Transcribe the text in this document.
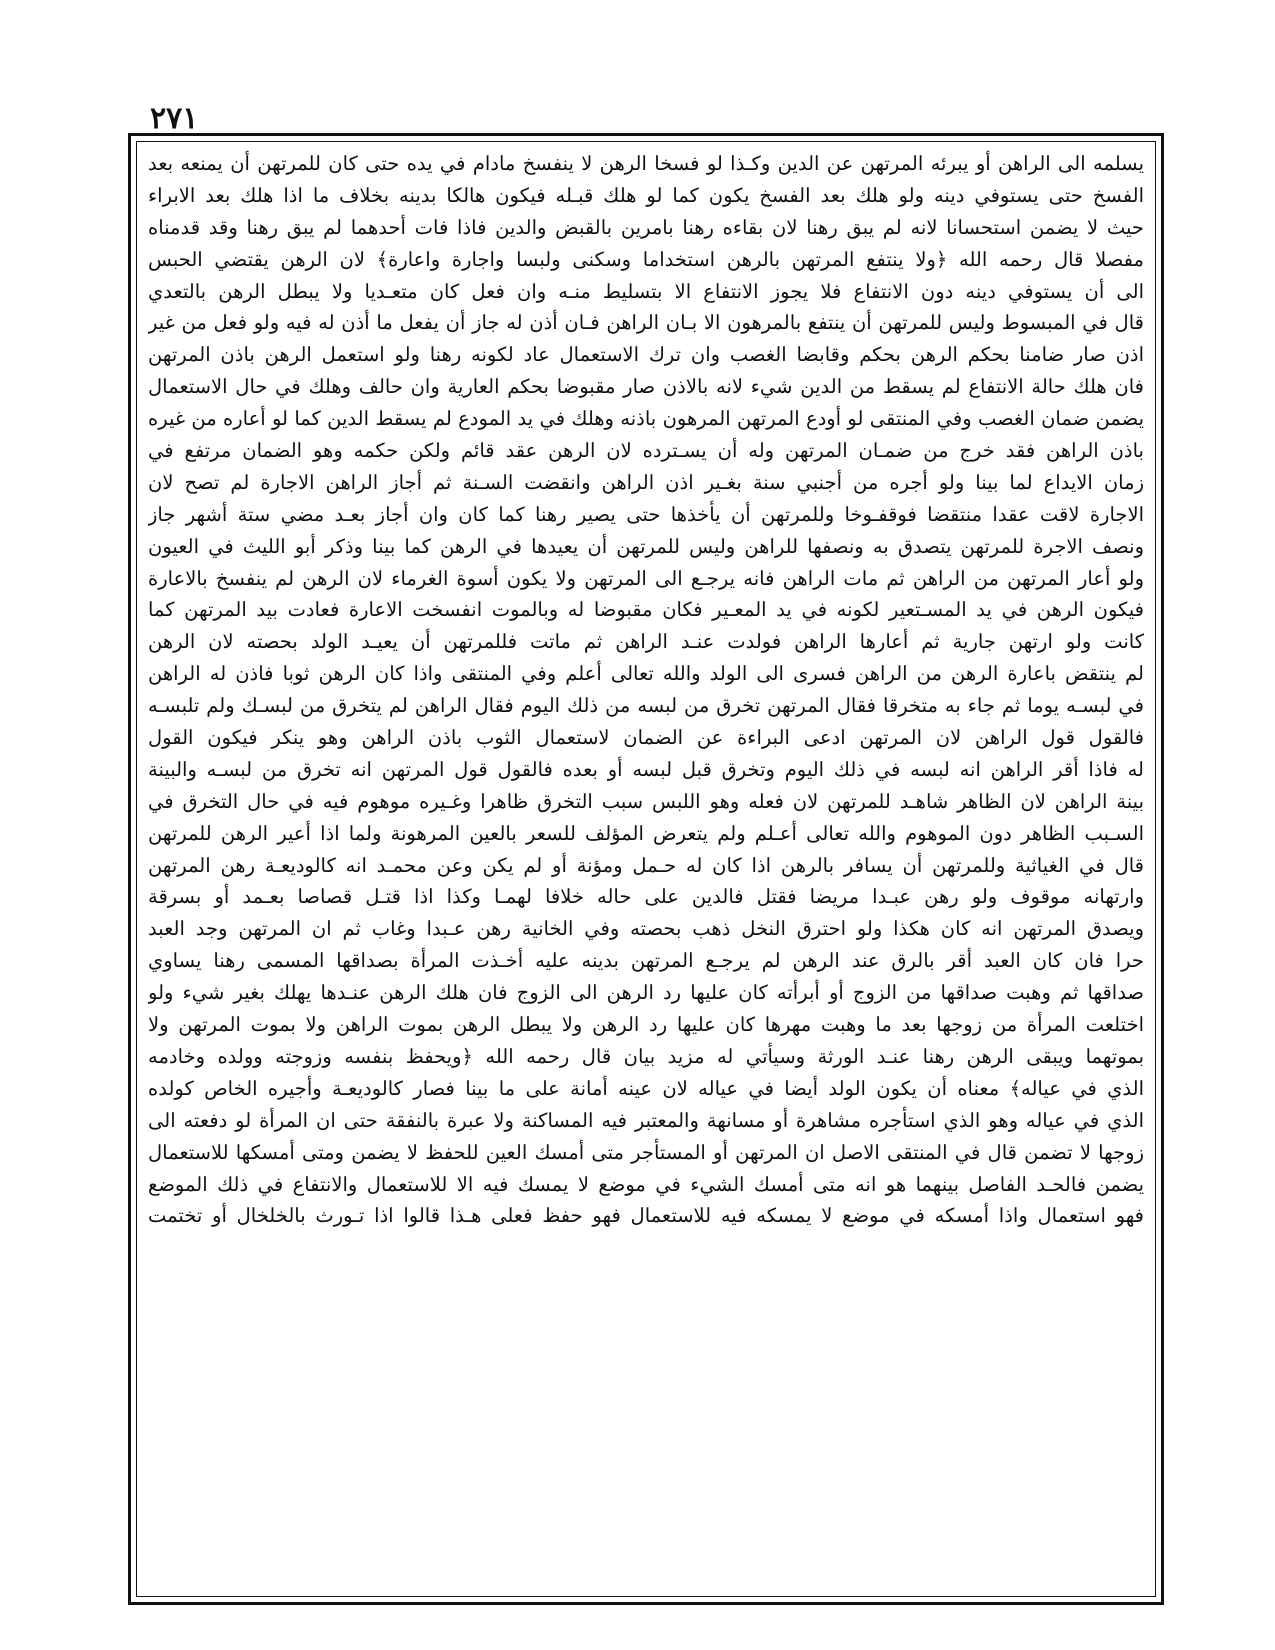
٢٧١
يسلمه الى الراهن أو يبرئه المرتهن عن الدين وكـذا لو فسخا الرهن لا ينفسخ مادام في يده حتى كان للمرتهن أن يمنعه بعد
الفسخ حتى يستوفي دينه ولو هلك بعد الفسخ يكون كما لو هلك قبـله فيكون هالكا بدينه بخلاف ما اذا هلك بعد الابراء
حيث لا يضمن استحسانا لانه لم يبق رهنا لان بقاءه رهنا بامرين بالقبض والدين فاذا فات أحدهما لم يبق رهنا وقد قدمناه
مفصلا قال رحمه الله ﴿ولا ينتفع المرتهن بالرهن استخداما وسكنى ولبسا واجارة واعارة﴾ لان الرهن يقتضي الحبس
الى أن يستوفي دينه دون الانتفاع فلا يجوز الانتفاع الا بتسليط منـه وان فعل كان متعـديا ولا يبطل الرهن بالتعدي
قال في المبسوط وليس للمرتهن أن ينتفع بالمرهون الا بـان الراهن فـان أذن له جاز أن يفعل ما أذن له فيه ولو فعل من غير
اذن صار ضامنا بحكم الرهن بحكم وقابضا الغصب وان ترك الاستعمال عاد لكونه رهنا ولو استعمل الرهن باذن المرتهن
فان هلك حالة الانتفاع لم يسقط من الدين شيء لانه بالاذن صار مقبوضا بحكم العارية وان حالف وهلك في حال الاستعمال
يضمن ضمان الغصب وفي المنتقى لو أودع المرتهن المرهون باذنه وهلك في يد المودع لم يسقط الدين كما لو أعاره من غيره
باذن الراهن فقد خرج من ضمـان المرتهن وله أن يسـترده لان الرهن عقد قائم ولكن حكمه وهو الضمان مرتفع في
زمان الايداع لما بينا ولو أجره من أجنبي سنة بغـير اذن الراهن وانقضت السـنة ثم أجاز الراهن الاجارة لم تصح لان
الاجارة لاقت عقدا منتقضا فوقفـوخا وللمرتهن أن يأخذها حتى يصير رهنا كما كان وان أجاز بعـد مضي ستة أشهر جاز
ونصف الاجرة للمرتهن يتصدق به ونصفها للراهن وليس للمرتهن أن يعيدها في الرهن كما بينا وذكر أبو الليث في العيون
ولو أعار المرتهن من الراهن ثم مات الراهن فانه يرجـع الى المرتهن ولا يكون أسوة الغرماء لان الرهن لم ينفسخ بالاعارة
فيكون الرهن في يد المسـتعير لكونه في يد المعـير فكان مقبوضا له وبالموت انفسخت الاعارة فعادت بيد المرتهن كما
كانت ولو ارتهن جارية ثم أعارها الراهن فولدت عنـد الراهن ثم ماتت فللمرتهن أن يعيـد الولد بحصته لان الرهن
لم ينتقض باعارة الرهن من الراهن فسرى الى الولد والله تعالى أعلم وفي المنتقى واذا كان الرهن ثوبا فاذن له الراهن
في لبسـه يوما ثم جاء به متخرقا فقال المرتهن تخرق من لبسه من ذلك اليوم فقال الراهن لم يتخرق من لبسـك ولم تلبسـه
فالقول قول الراهن لان المرتهن ادعى البراءة عن الضمان لاستعمال الثوب باذن الراهن وهو ينكر فيكون القول
له فاذا أقر الراهن انه لبسه في ذلك اليوم وتخرق قبل لبسه أو بعده فالقول قول المرتهن انه تخرق من لبسـه والبينة
بينة الراهن لان الظاهر شاهـد للمرتهن لان فعله وهو اللبس سبب التخرق ظاهرا وغـيره موهوم فيه في حال التخرق في
السـبب الظاهر دون الموهوم والله تعالى أعـلم ولم يتعرض المؤلف للسعر بالعين المرهونة ولما اذا أعير الرهن للمرتهن
قال في الغياثية وللمرتهن أن يسافر بالرهن اذا كان له حـمل ومؤنة أو لم يكن وعن محمـد انه كالوديعـة رهن المرتهن
وارتهانه موقوف ولو رهن عبـدا مريضا فقتل فالدين على حاله خلافا لهمـا وكذا اذا قتـل قصاصا بعـمد أو بسرقة
ويصدق المرتهن انه كان هكذا ولو احترق النخل ذهب بحصته وفي الخانية رهن عـبدا وغاب ثم ان المرتهن وجد العبد
حرا فان كان العبد أقر بالرق عند الرهن لم يرجـع المرتهن بدينه عليه أخـذت المرأة بصداقها المسمى رهنا يساوي
صداقها ثم وهبت صداقها من الزوج أو أبرأته كان عليها رد الرهن الى الزوج فان هلك الرهن عنـدها يهلك بغير شيء ولو
اختلعت المرأة من زوجها بعد ما وهبت مهرها كان عليها رد الرهن ولا يبطل الرهن بموت الراهن ولا بموت المرتهن ولا
بموتهما ويبقى الرهن رهنا عنـد الورثة وسيأتي له مزيد بيان قال رحمه الله ﴿ويحفظ بنفسه وزوجته وولده وخادمه
الذي في عياله﴾ معناه أن يكون الولد أيضا في عياله لان عينه أمانة على ما بينا فصار كالوديعـة وأجيره الخاص كولده
الذي في عياله وهو الذي استأجره مشاهرة أو مسانهة والمعتبر فيه المساكنة ولا عبرة بالنفقة حتى ان المرأة لو دفعته الى
زوجها لا تضمن قال في المنتقى الاصل ان المرتهن أو المستأجر متى أمسك العين للحفظ لا يضمن ومتى أمسكها للاستعمال
يضمن فالحـد الفاصل بينهما هو انه متى أمسك الشيء في موضع لا يمسك فيه الا للاستعمال والانتفاع في ذلك الموضع
فهو استعمال واذا أمسكه في موضع لا يمسكه فيه للاستعمال فهو حفظ فعلى هـذا قالوا اذا تـورث بالخلخال أو تختمت
